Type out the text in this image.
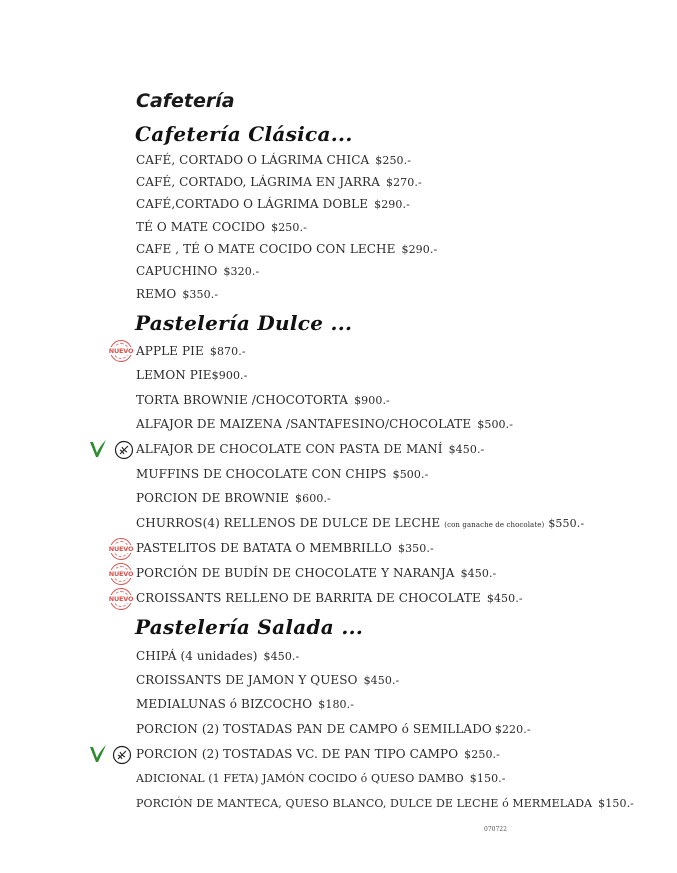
Cafetería
Cafetería Clásica...
CAFÉ, CORTADO O LÁGRIMA CHICA $250.-
CAFÉ, CORTADO, LÁGRIMA EN JARRA $270.-
CAFÉ,CORTADO O LÁGRIMA DOBLE $290.-
TÉ O MATE COCIDO $250.-
CAFE , TÉ O MATE COCIDO CON LECHE $290.-
CAPUCHINO $320.-
REMO $350.-
Pastelería Dulce ...
NUEVO APPLE PIE $870.-
LEMON PIE$900.-
TORTA BROWNIE /CHOCOTORTA $900.-
ALFAJOR DE MAIZENA /SANTAFESINO/CHOCOLATE $500.-
ALFAJOR DE CHOCOLATE CON PASTA DE MANÍ $450.-
MUFFINS DE CHOCOLATE CON CHIPS $500.-
PORCION DE BROWNIE $600.-
CHURROS(4) RELLENOS DE DULCE DE LECHE (con ganache de chocolate) $550.-
NUEVO PASTELITOS DE BATATA O MEMBRILLO $350.-
NUEVO PORCIÓN DE BUDÍN DE CHOCOLATE Y NARANJA $450.-
NUEVO CROISSANTS RELLENO DE BARRITA DE CHOCOLATE $450.-
Pastelería Salada ...
CHIPÁ (4 unidades) $450.-
CROISSANTS DE JAMON Y QUESO $450.-
MEDIALUNAS ó BIZCOCHO $180.-
PORCION (2) TOSTADAS PAN DE CAMPO ó SEMILLADO $220.-
PORCION (2) TOSTADAS VC. DE PAN TIPO CAMPO $250.-
ADICIONAL (1 FETA) JAMÓN COCIDO ó QUESO DAMBO $150.-
PORCIÓN DE MANTECA, QUESO BLANCO, DULCE DE LECHE ó MERMELADA $150.-
070722
